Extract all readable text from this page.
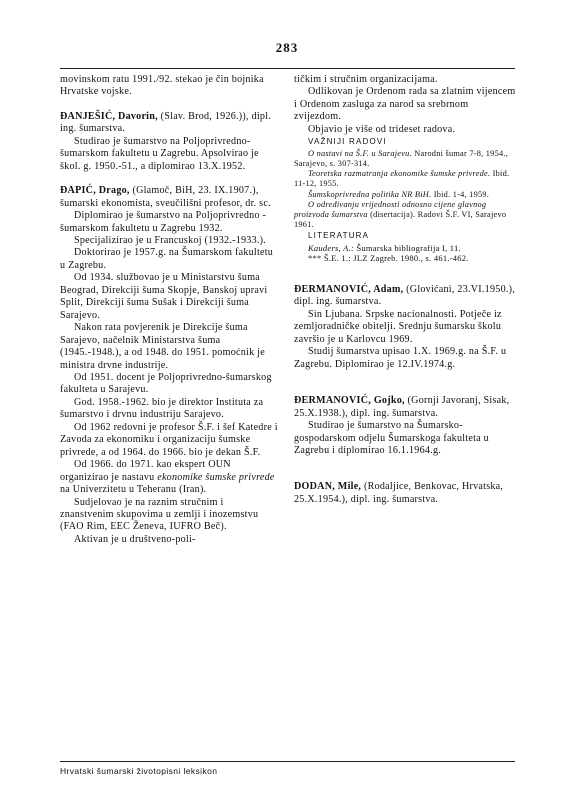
283

movinskom ratu 1991./92. stekao je čin bojnika Hrvatske vojske.

ĐANJEŠIĆ, Davorin, (Slav. Brod, 1926.)), dipl. ing. šumarstva.

Studirao je šumarstvo na Poljoprivredno-šumarskom fakultetu u Zagrebu. Apsolvirao je škol. g. 1950.-51., a diplomirao 13.X.1952.

ĐAPIĆ, Drago, (Glamoč, BiH, 23. IX.1907.), šumarski ekonomista, sveučilišni profesor, dr. sc.

Diplomirao je šumarstvo na Poljoprivredno - šumarskom fakultetu u Zagrebu 1932.

Specijalizirao je u Francuskoj (1932.-1933.).

Doktorirao je 1957.g. na Šumarskom fakultetu u Zagrebu.

Od 1934. službovao je u Ministarstvu šuma Beograd, Direkciji šuma Skopje, Banskoj upravi Split, Direkciji šuma Sušak i Direkciji šuma Sarajevo.

Nakon rata povjerenik je Direkcije šuma Sarajevo, načelnik Ministarstva šuma (1945.-1948.), a od 1948. do 1951. pomoćnik je ministra drvne industrije.

Od 1951. docent je Poljoprivredno-šumarskog fakulteta u Sarajevu.

God. 1958.-1962. bio je direktor Instituta za šumarstvo i drvnu industriju Sarajevo.

Od 1962 redovni je profesor Š.F. i šef Katedre i Zavoda za ekonomiku i organizaciju šumske privrede, a od 1964. do 1966. bio je dekan Š.F.

Od 1966. do 1971. kao ekspert OUN organizirao je nastavu ekonomike šumske privrede na Univerzitetu u Teheranu (Iran).

Sudjelovao je na raznim stručnim i znanstvenim skupovima u zemlji i inozemstvu (FAO Rim, EEC Ženeva, IUFRO Beč).

Aktivan je u društveno-poli-

tičkim i stručnim organizacijama.

Odlikovan je Ordenom rada sa zlatnim vijencem i Ordenom zasluga za narod sa srebrnom zvijezdom.

Objavio je više od trideset radova.

VAŽNIJI RADOVI

O nastavi na Š.F. u Sarajevu. Narodni šumar 7-8, 1954., Sarajevo, s. 307-314.

Teoretska razmatranja ekonomike šumske privrede. Ibid. 11-12, 1955.

Šumskoprivredna politika NR BiH. Ibid. 1-4, 1959.

O određivanju vrijednosti odnosno cijene glavnog proizvoda šumarstva (disertacija). Radovi Š.F. VI, Sarajevo 1961.

LITERATURA

Kauders, A.: Šumarska bibliografija I, 11.

*** Š.E. 1.: JLZ Zagreb. 1980., s. 461.-462.

ĐERMANOVIĆ, Adam, (Glovićani, 23.VI.1950.), dipl. ing. šumarstva.

Sin Ljubana. Srpske nacionalnosti. Potječe iz zemljoradničke obitelji. Srednju šumarsku školu završio je u Karlovcu 1969.

Studij šumarstva upisao 1.X. 1969.g. na Š.F. u Zagrebu. Diplomirao je 12.IV.1974.g.

ĐERMANOVIĆ, Gojko, (Gornji Javoranj, Sisak, 25.X.1938.), dipl. ing. šumarstva.

Studirao je šumarstvo na Šumarsko-gospodarskom odjelu Šumarskoga fakulteta u Zagrebu i diplomirao 16.1.1964.g.

DODAN, Mile, (Rodaljice, Benkovac, Hrvatska, 25.X.1954.), dipl. ing. šumarstva.

Hrvatski šumarski životopisni leksikon
